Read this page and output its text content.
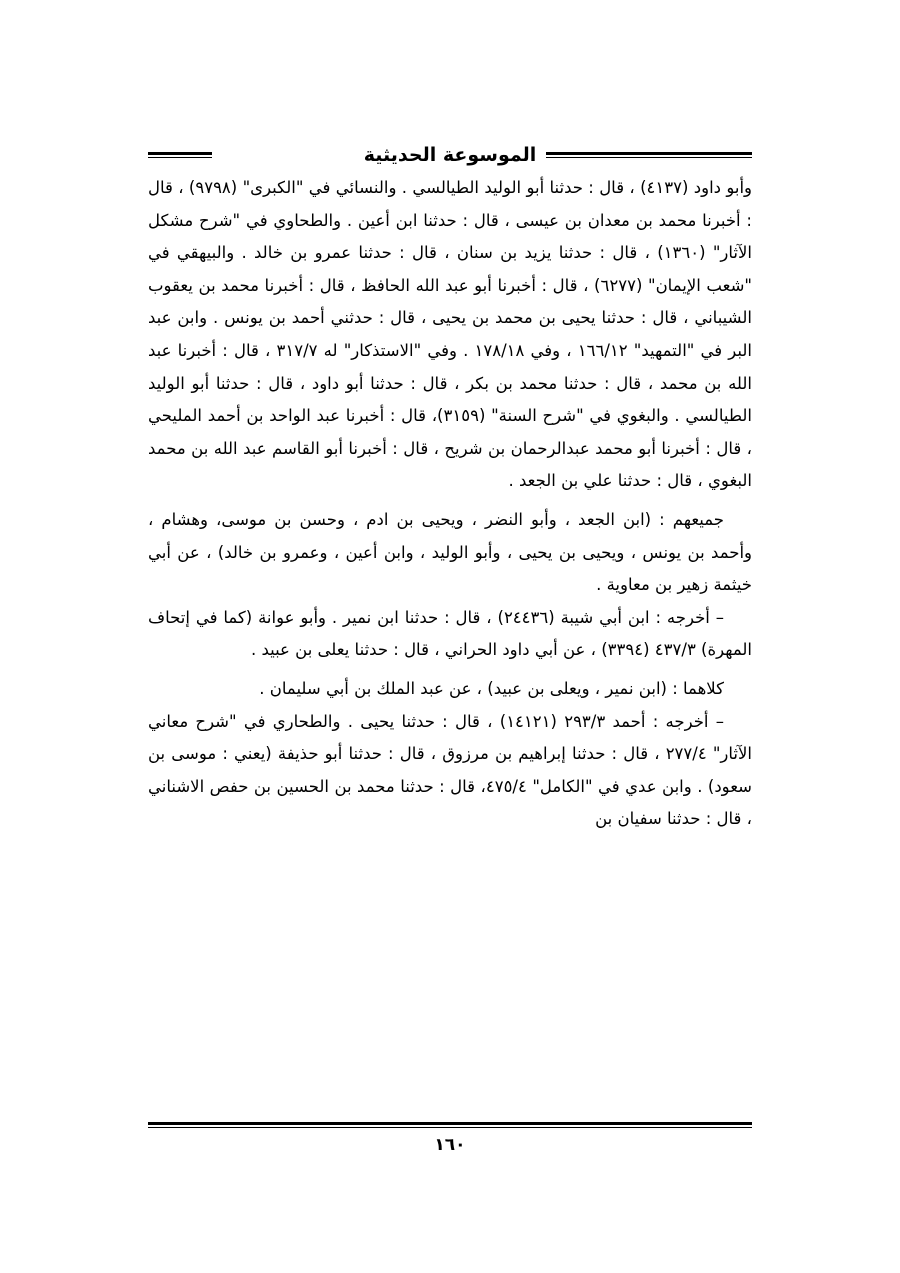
الموسوعة الحديثية

وأبو داود (٤١٣٧) ، قال : حدثنا أبو الوليد الطيالسي . والنسائي في "الكبرى" (٩٧٩٨) ، قال : أخبرنا محمد بن معدان بن عيسى ، قال : حدثنا ابن أعين . والطحاوي في "شرح مشكل الآثار" (١٣٦٠) ، قال : حدثنا يزيد بن سنان ، قال : حدثنا عمرو بن خالد . والبيهقي في "شعب الإيمان" (٦٢٧٧) ، قال : أخبرنا أبو عبد الله الحافظ ، قال : أخبرنا محمد بن يعقوب الشيباني ، قال : حدثنا يحيى بن محمد بن يحيى ، قال : حدثني أحمد بن يونس . وابن عبد البر في "التمهيد" ١٦٦/١٢ ، وفي ١٧٨/١٨ . وفي "الاستذكار" له ٣١٧/٧ ، قال : أخبرنا عبد الله بن محمد ، قال : حدثنا محمد بن بكر ، قال : حدثنا أبو داود ، قال : حدثنا أبو الوليد الطيالسي . والبغوي في "شرح السنة" (٣١٥٩)، قال : أخبرنا عبد الواحد بن أحمد المليحي ، قال : أخبرنا أبو محمد عبدالرحمان بن شريح ، قال : أخبرنا أبو القاسم عبد الله بن محمد البغوي ، قال : حدثنا علي بن الجعد .

جميعهم : (ابن الجعد ، وأبو النضر ، ويحيى بن ادم ، وحسن بن موسى، وهشام ، وأحمد بن يونس ، ويحيى بن يحيى ، وأبو الوليد ، وابن أعين ، وعمرو بن خالد) ، عن أبي خيثمة زهير بن معاوية .

– أخرجه : ابن أبي شيبة (٢٤٤٣٦) ، قال : حدثنا ابن نمير . وأبو عوانة (كما في إتحاف المهرة) ٤٣٧/٣ (٣٣٩٤) ، عن أبي داود الحراني ، قال : حدثنا يعلى بن عبيد .

كلاهما : (ابن نمير ، ويعلى بن عبيد) ، عن عبد الملك بن أبي سليمان .

– أخرجه : أحمد ٢٩٣/٣ (١٤١٢١) ، قال : حدثنا يحيى . والطحاري في "شرح معاني الآثار" ٢٧٧/٤ ، قال : حدثنا إبراهيم بن مرزوق ، قال : حدثنا أبو حذيفة (يعني : موسى بن سعود) . وابن عدي في "الكامل" ٤٧٥/٤، قال : حدثنا محمد بن الحسين بن حفص الاشناني ، قال : حدثنا سفيان بن

١٦٠
